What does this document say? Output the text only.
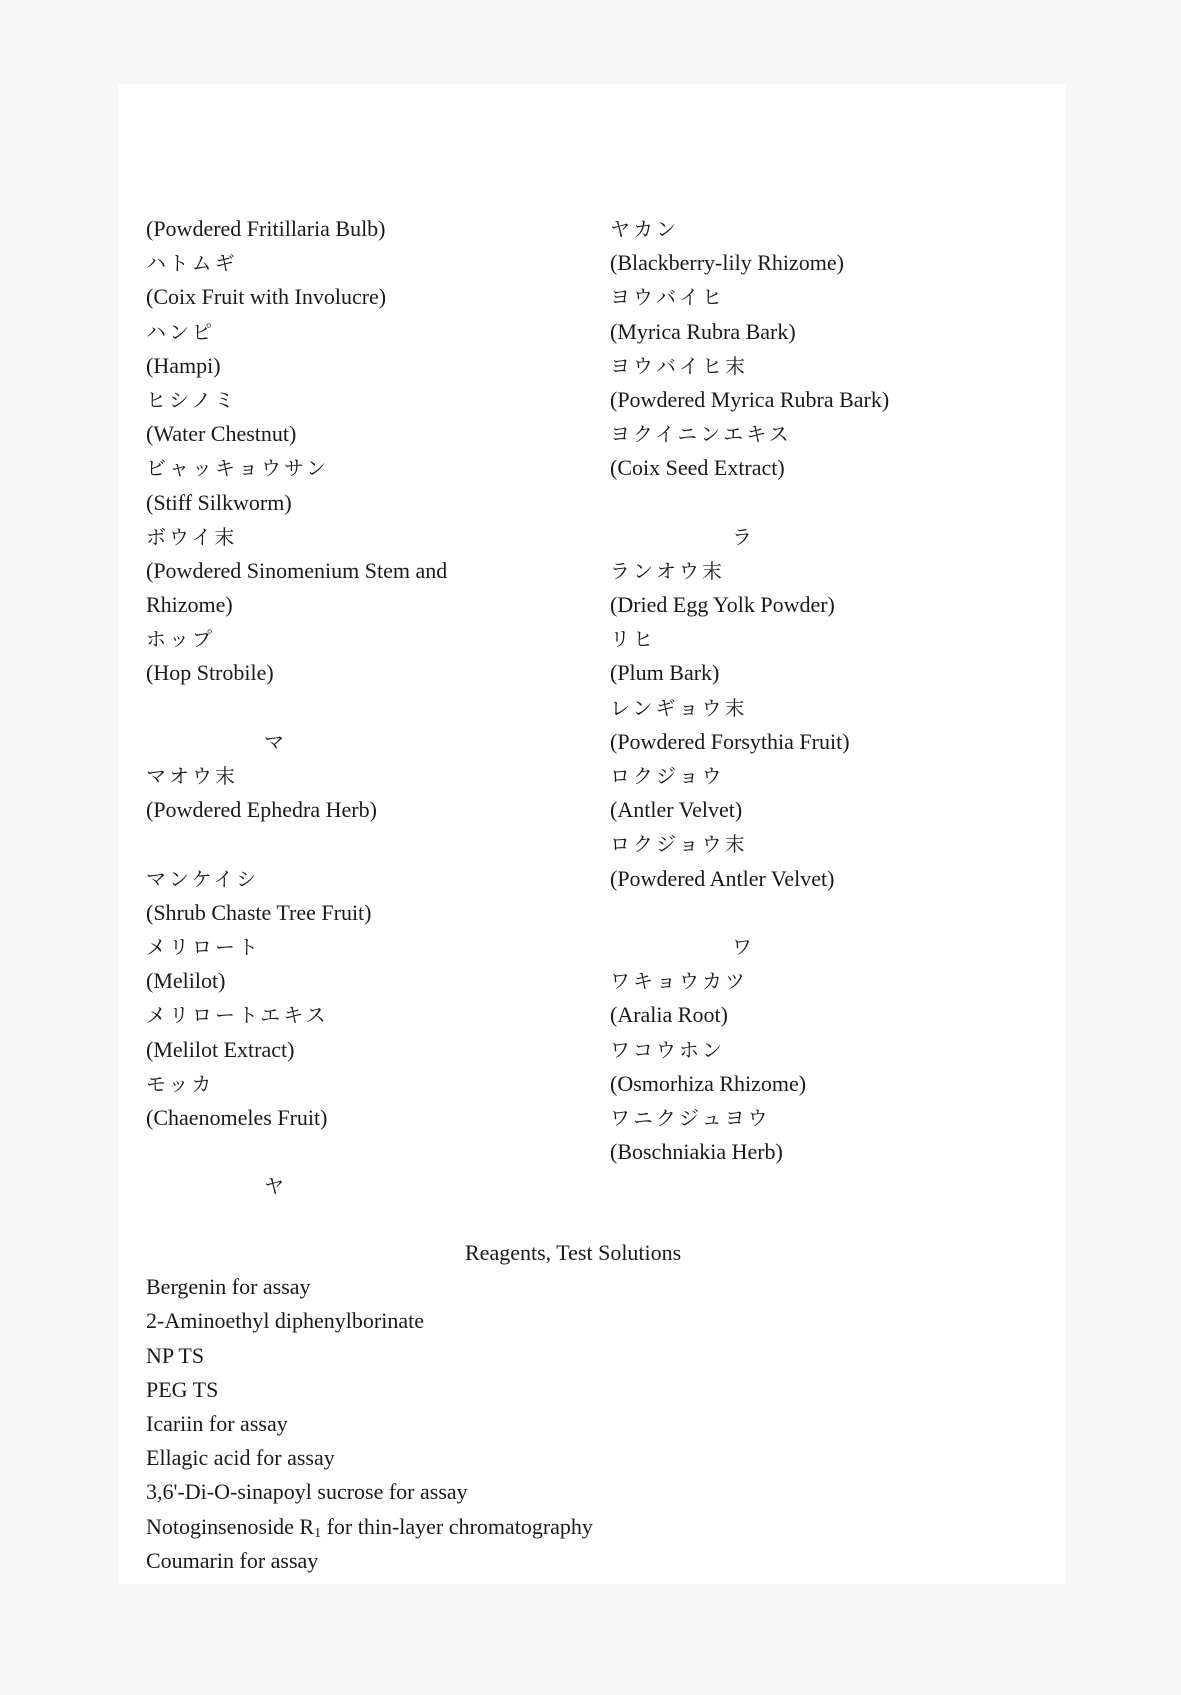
(Powdered Fritillaria Bulb)
ハトムギ
(Coix Fruit with Involucre)
ハンピ
(Hampi)
ヒシノミ
(Water Chestnut)
ビャッキョウサン
(Stiff Silkworm)
ボウイ末
(Powdered Sinomenium Stem and
Rhizome)
ホップ
(Hop Strobile)
マ
マオウ末
(Powdered Ephedra Herb)
マンケイシ
(Shrub Chaste Tree Fruit)
メリロート
(Melilot)
メリロートエキス
(Melilot Extract)
モッカ
(Chaenomeles Fruit)
ヤ
ヤカン
(Blackberry-lily Rhizome)
ヨウバイヒ
(Myrica Rubra Bark)
ヨウバイヒ末
(Powdered Myrica Rubra Bark)
ヨクイニンエキス
(Coix Seed Extract)
ラ
ランオウ末
(Dried Egg Yolk Powder)
リヒ
(Plum Bark)
レンギョウ末
(Powdered Forsythia Fruit)
ロクジョウ
(Antler Velvet)
ロクジョウ末
(Powdered Antler Velvet)
ワ
ワキョウカツ
(Aralia Root)
ワコウホン
(Osmorhiza Rhizome)
ワニクジュヨウ
(Boschniakia Herb)
Reagents, Test Solutions
Bergenin for assay
2-Aminoethyl diphenylborinate
NP TS
PEG TS
Icariin for assay
Ellagic acid for assay
3,6'-Di-O-sinapoyl sucrose for assay
Notoginsenoside $R_1$ for thin-layer chromatography
Coumarin for assay
